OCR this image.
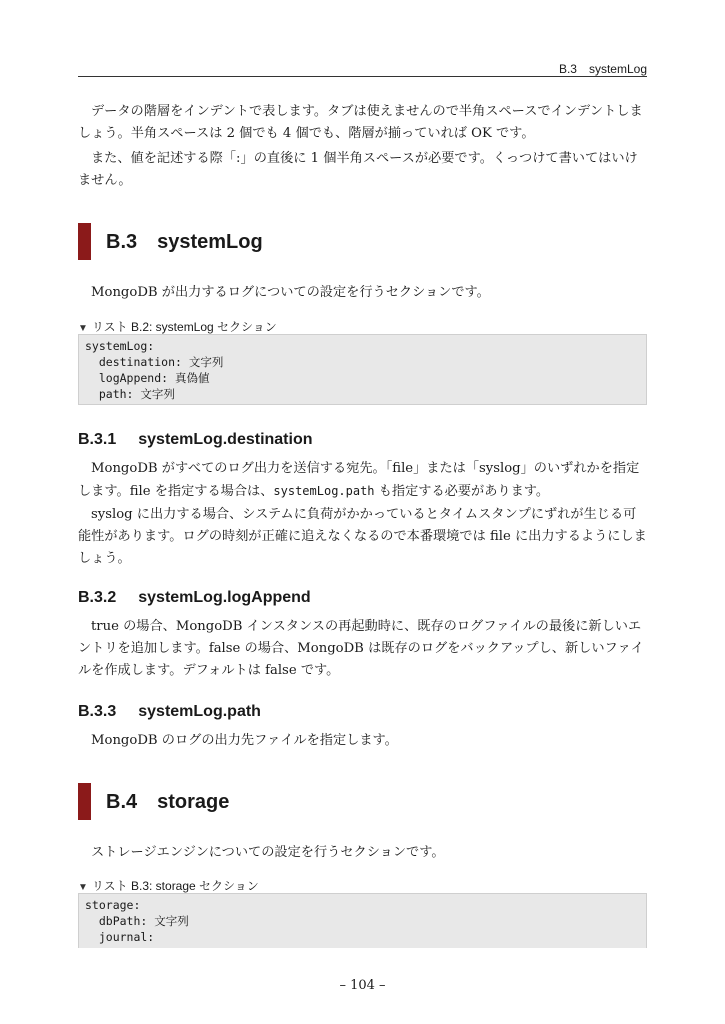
B.3　systemLog

データの階層をインデントで表します。タブは使えませんので半角スペースでインデントしましょう。半角スペースは 2 個でも 4 個でも、階層が揃っていれば OK です。

また、値を記述する際「:」の直後に 1 個半角スペースが必要です。くっつけて書いてはいけません。

B.3 systemLog

MongoDB が出力するログについての設定を行うセクションです。

▼ リスト B.2: systemLog セクション
systemLog:
destination: 文字列
logAppend: 真偽値
path: 文字列
B.3.1 systemLog.destination

MongoDB がすべてのログ出力を送信する宛先。「file」または「syslog」のいずれかを指定します。file を指定する場合は、systemLog.path も指定する必要があります。

syslog に出力する場合、システムに負荷がかかっているとタイムスタンプにずれが生じる可能性があります。ログの時刻が正確に追えなくなるので本番環境では file に出力するようにしましょう。

B.3.2 systemLog.logAppend

true の場合、MongoDB インスタンスの再起動時に、既存のログファイルの最後に新しいエントリを追加します。false の場合、MongoDB は既存のログをバックアップし、新しいファイルを作成します。デフォルトは false です。

B.3.3 systemLog.path

MongoDB のログの出力先ファイルを指定します。

B.4 storage

ストレージエンジンについての設定を行うセクションです。

▼ リスト B.3: storage セクション
storage:
dbPath: 文字列
journal:
– 104 –
